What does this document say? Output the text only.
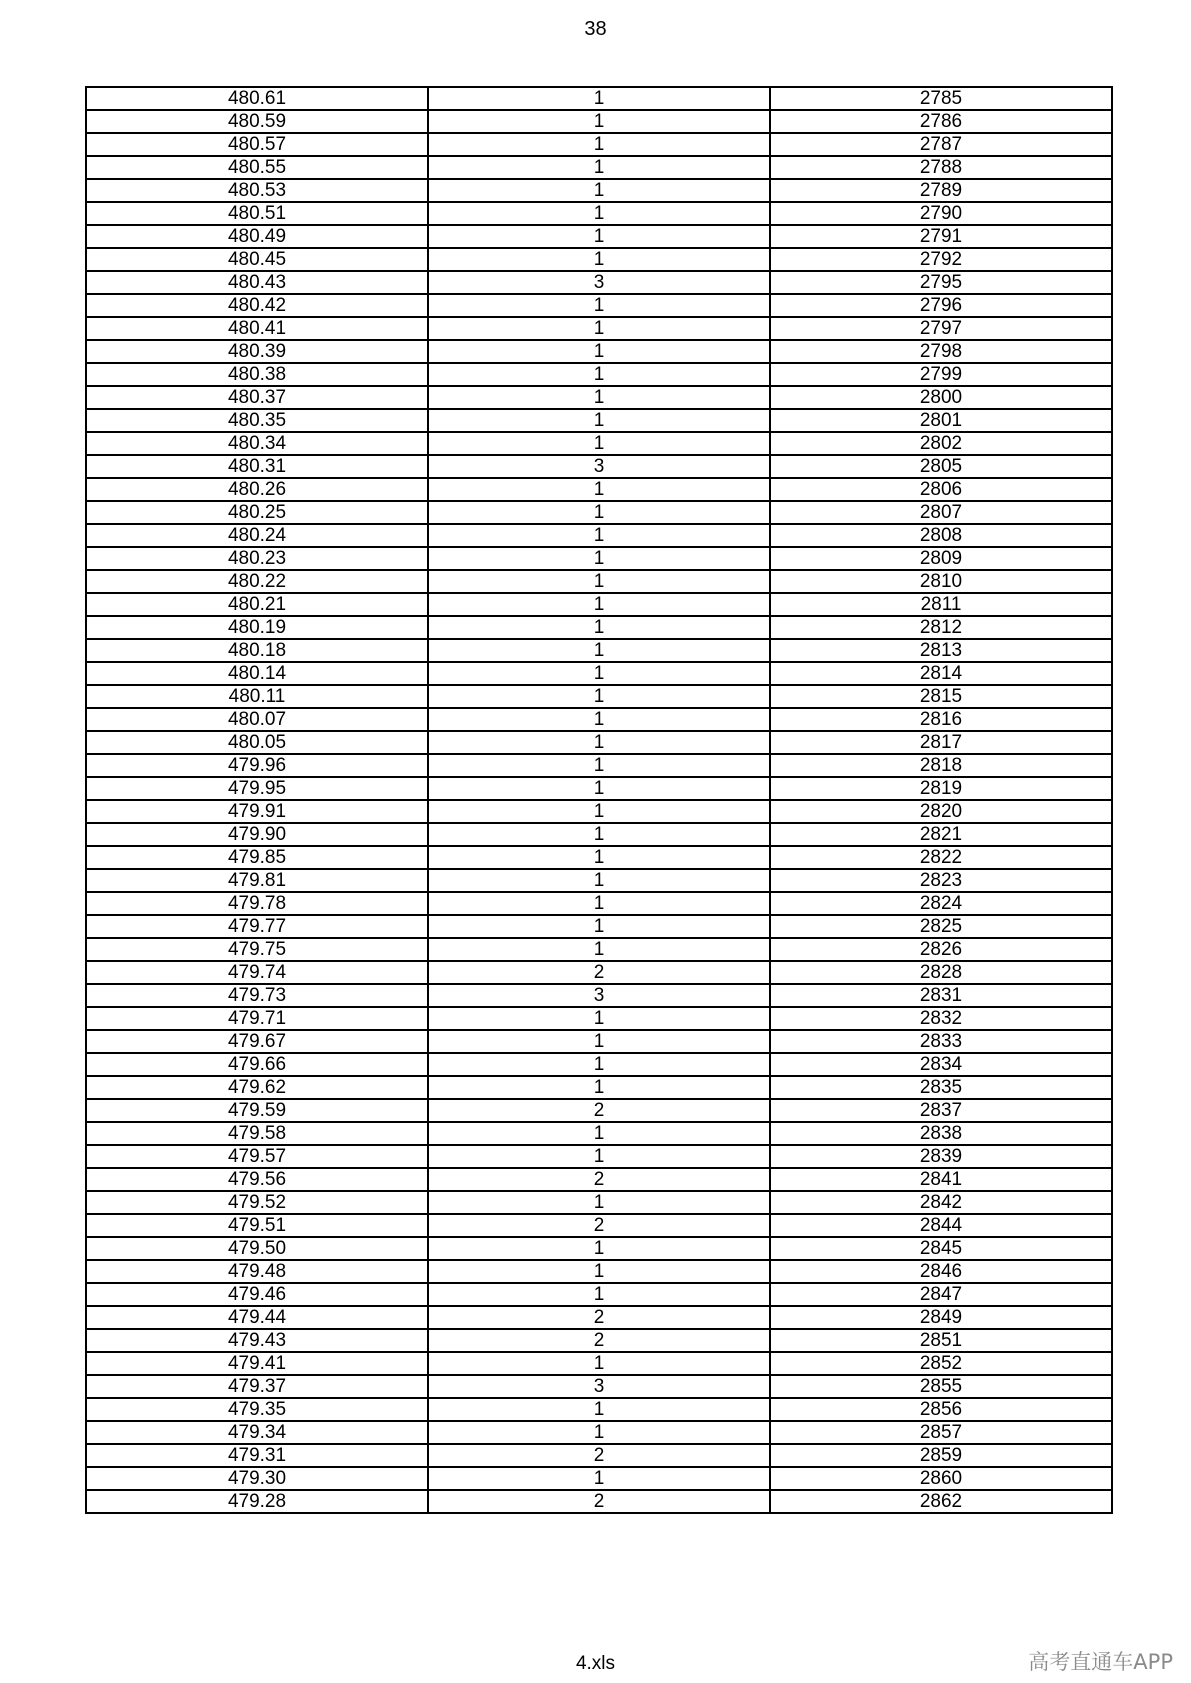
38
480.61	1	2785
480.59	1	2786
480.57	1	2787
480.55	1	2788
480.53	1	2789
480.51	1	2790
480.49	1	2791
480.45	1	2792
480.43	3	2795
480.42	1	2796
480.41	1	2797
480.39	1	2798
480.38	1	2799
480.37	1	2800
480.35	1	2801
480.34	1	2802
480.31	3	2805
480.26	1	2806
480.25	1	2807
480.24	1	2808
480.23	1	2809
480.22	1	2810
480.21	1	2811
480.19	1	2812
480.18	1	2813
480.14	1	2814
480.11	1	2815
480.07	1	2816
480.05	1	2817
479.96	1	2818
479.95	1	2819
479.91	1	2820
479.90	1	2821
479.85	1	2822
479.81	1	2823
479.78	1	2824
479.77	1	2825
479.75	1	2826
479.74	2	2828
479.73	3	2831
479.71	1	2832
479.67	1	2833
479.66	1	2834
479.62	1	2835
479.59	2	2837
479.58	1	2838
479.57	1	2839
479.56	2	2841
479.52	1	2842
479.51	2	2844
479.50	1	2845
479.48	1	2846
479.46	1	2847
479.44	2	2849
479.43	2	2851
479.41	1	2852
479.37	3	2855
479.35	1	2856
479.34	1	2857
479.31	2	2859
479.30	1	2860
479.28	2	2862
4.xls	高考直通车APP
